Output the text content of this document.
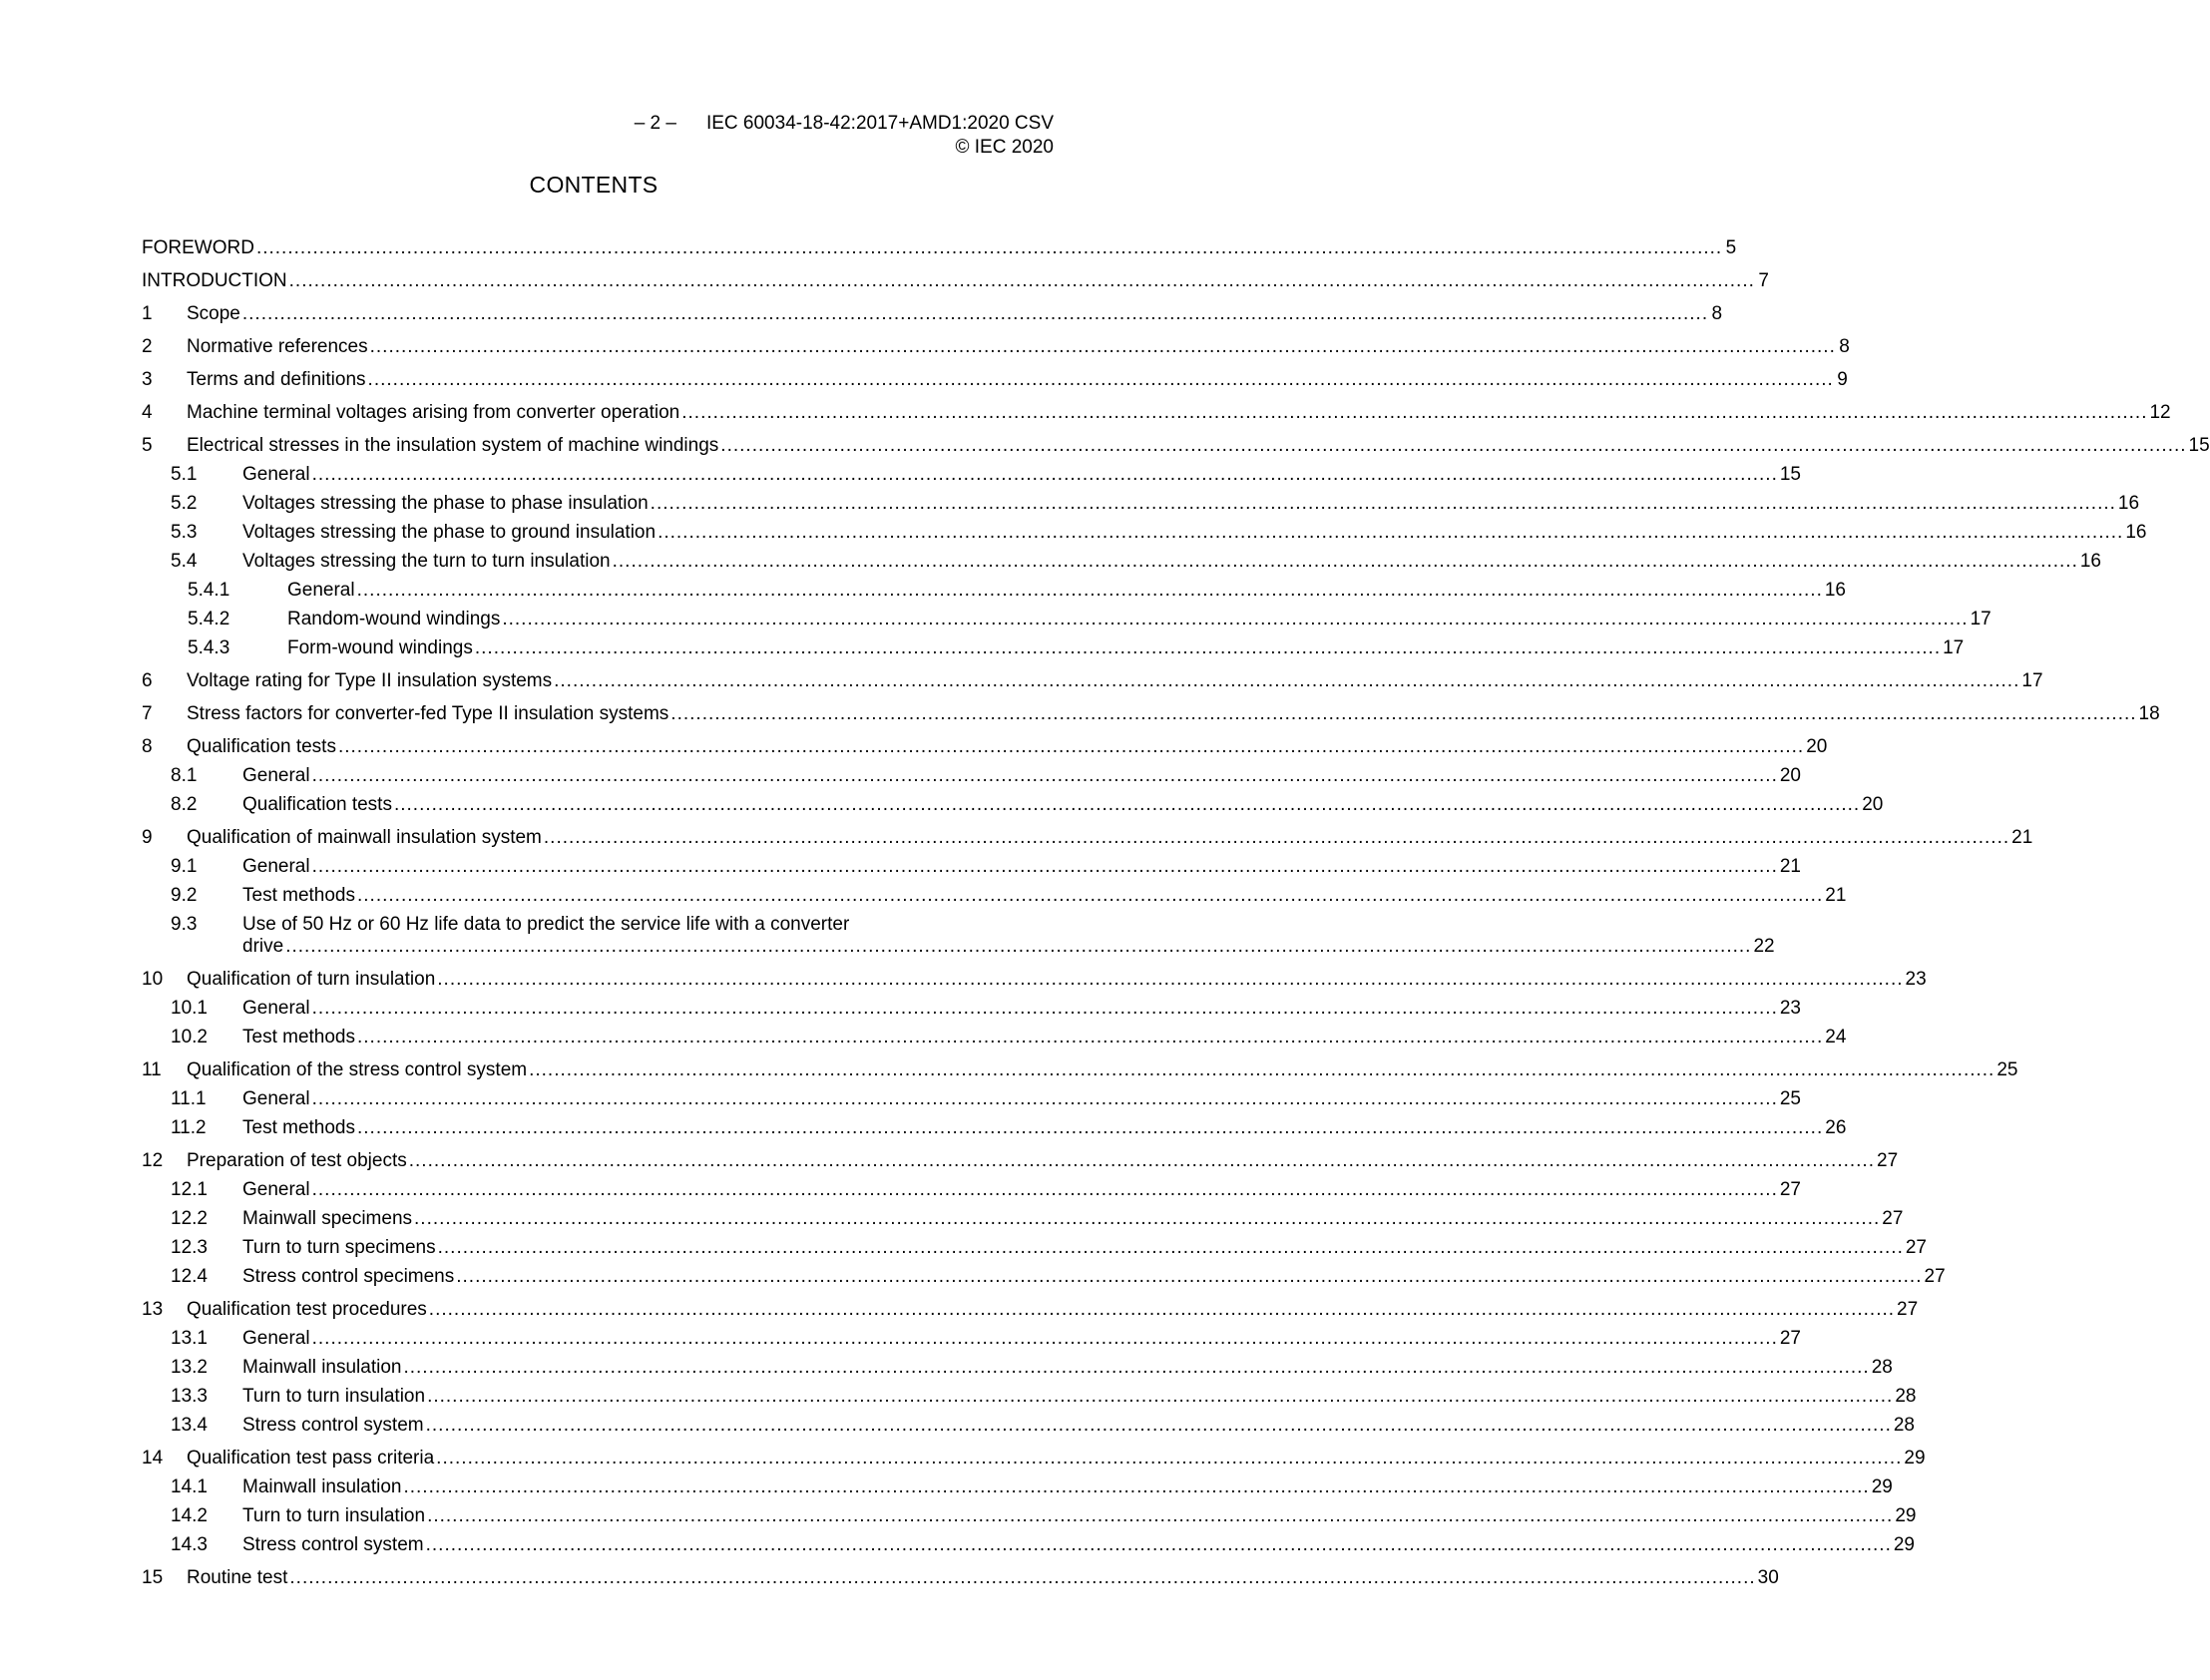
– 2 – IEC 60034-18-42:2017+AMD1:2020 CSV
© IEC 2020
CONTENTS
FOREWORD .....	5
INTRODUCTION .....	7
1	Scope .....	8
2	Normative references .....	8
3	Terms and definitions .....	9
4	Machine terminal voltages arising from converter operation .....	12
5	Electrical stresses in the insulation system of machine windings .....	15
5.1	General .....	15
5.2	Voltages stressing the phase to phase insulation .....	16
5.3	Voltages stressing the phase to ground insulation .....	16
5.4	Voltages stressing the turn to turn insulation .....	16
5.4.1	General .....	16
5.4.2	Random-wound windings .....	17
5.4.3	Form-wound windings .....	17
6	Voltage rating for Type II insulation systems .....	17
7	Stress factors for converter-fed Type II insulation systems .....	18
8	Qualification tests .....	20
8.1	General .....	20
8.2	Qualification tests .....	20
9	Qualification of mainwall insulation system .....	21
9.1	General .....	21
9.2	Test methods .....	21
9.3	Use of 50 Hz or 60 Hz life data to predict the service life with a converter
drive .....	22
10	Qualification of turn insulation .....	23
10.1	General .....	23
10.2	Test methods .....	24
11	Qualification of the stress control system .....	25
11.1	General .....	25
11.2	Test methods .....	26
12	Preparation of test objects .....	27
12.1	General .....	27
12.2	Mainwall specimens .....	27
12.3	Turn to turn specimens .....	27
12.4	Stress control specimens .....	27
13	Qualification test procedures .....	27
13.1	General .....	27
13.2	Mainwall insulation .....	28
13.3	Turn to turn insulation .....	28
13.4	Stress control system .....	28
14	Qualification test pass criteria .....	29
14.1	Mainwall insulation .....	29
14.2	Turn to turn insulation .....	29
14.3	Stress control system .....	29
15	Routine test .....	30
